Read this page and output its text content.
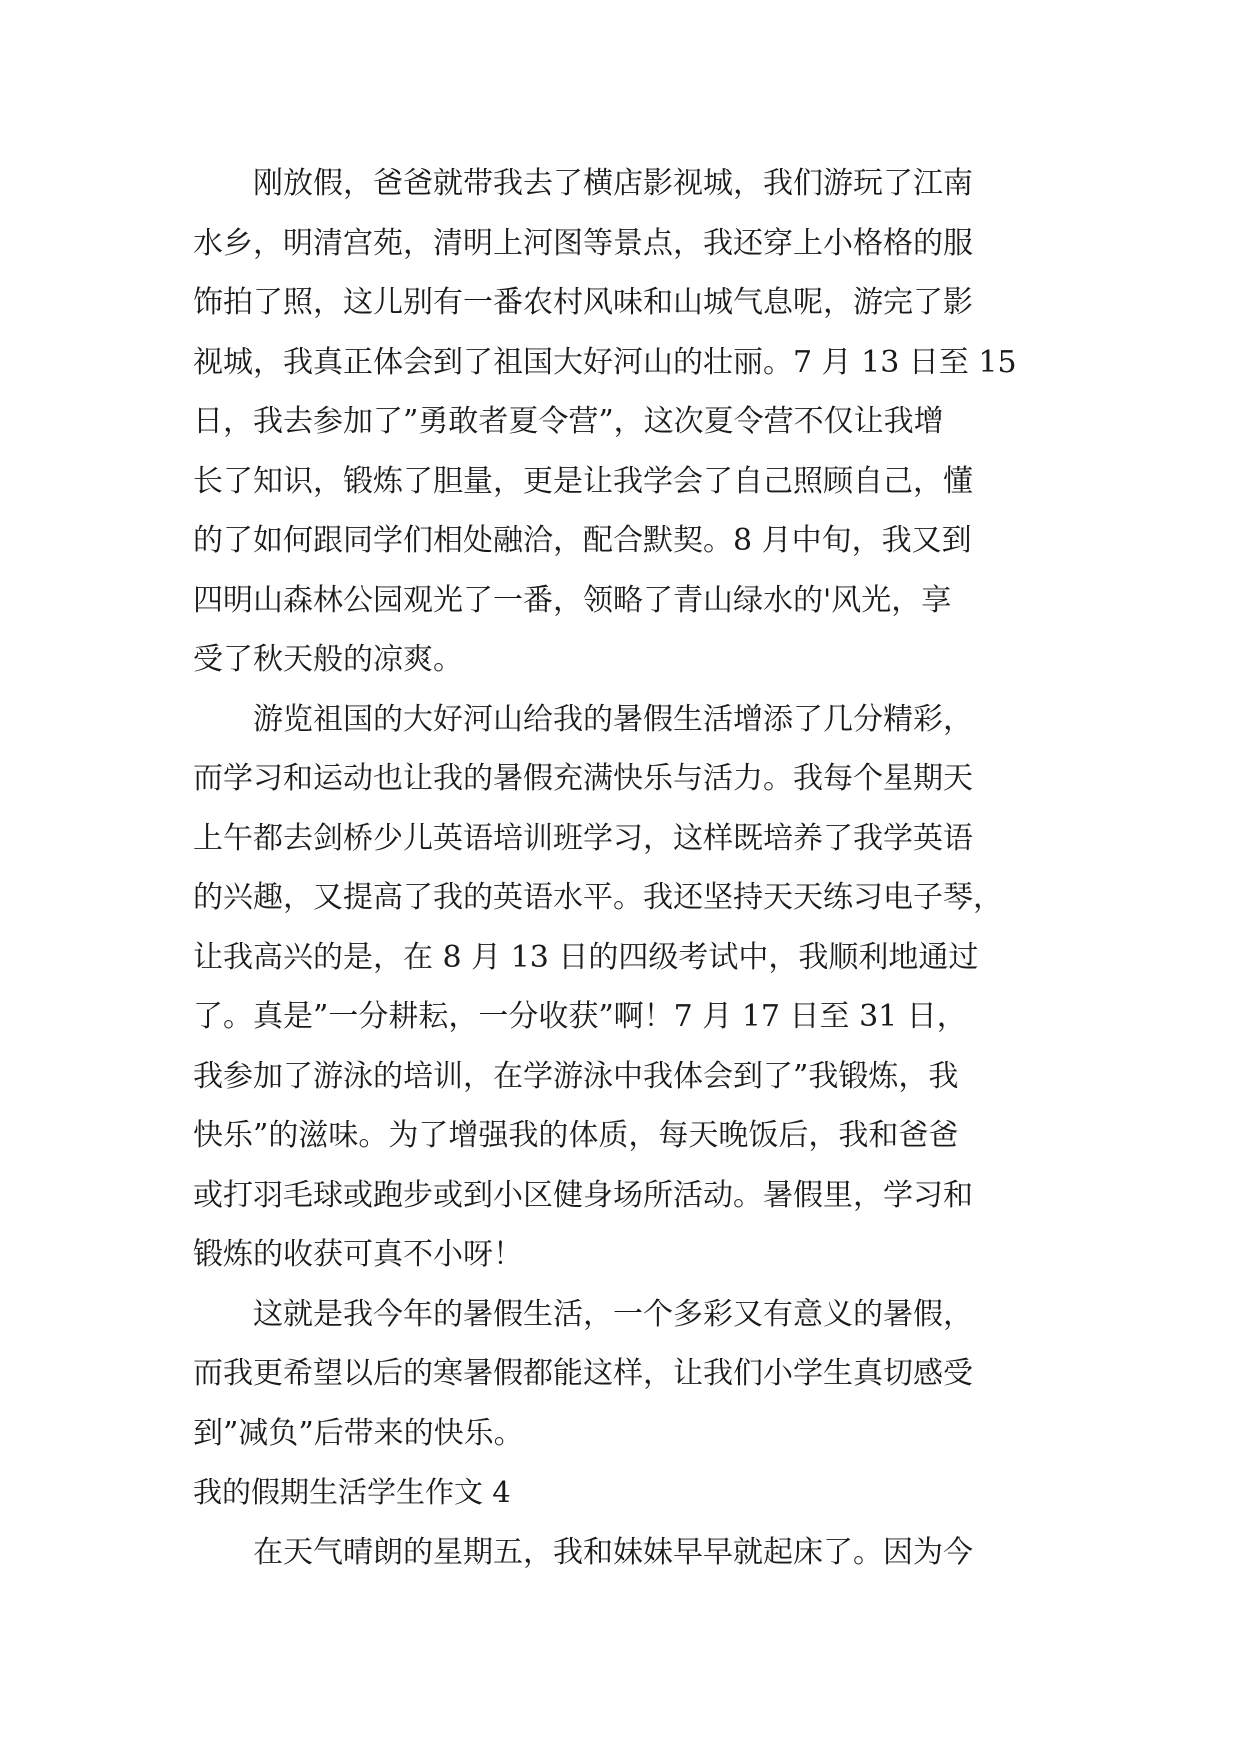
　　刚放假，爸爸就带我去了横店影视城，我们游玩了江南
水乡，明清宫苑，清明上河图等景点，我还穿上小格格的服
饰拍了照，这儿别有一番农村风味和山城气息呢，游完了影
视城，我真正体会到了祖国大好河山的壮丽。7 月 13 日至 15
日，我去参加了”勇敢者夏令营”，这次夏令营不仅让我增
长了知识，锻炼了胆量，更是让我学会了自己照顾自己，懂
的了如何跟同学们相处融洽，配合默契。8 月中旬，我又到
四明山森林公园观光了一番，领略了青山绿水的'风光，享
受了秋天般的凉爽。
　　游览祖国的大好河山给我的暑假生活增添了几分精彩，
而学习和运动也让我的暑假充满快乐与活力。我每个星期天
上午都去剑桥少儿英语培训班学习，这样既培养了我学英语
的兴趣，又提高了我的英语水平。我还坚持天天练习电子琴，
让我高兴的是，在 8 月 13 日的四级考试中，我顺利地通过
了。真是”一分耕耘，一分收获”啊！7 月 17 日至 31 日，
我参加了游泳的培训，在学游泳中我体会到了”我锻炼，我
快乐”的滋味。为了增强我的体质，每天晚饭后，我和爸爸
或打羽毛球或跑步或到小区健身场所活动。暑假里，学习和
锻炼的收获可真不小呀！
　　这就是我今年的暑假生活，一个多彩又有意义的暑假，
而我更希望以后的寒暑假都能这样，让我们小学生真切感受
到”减负”后带来的快乐。
我的假期生活学生作文 4
　　在天气晴朗的星期五，我和妹妹早早就起床了。因为今
